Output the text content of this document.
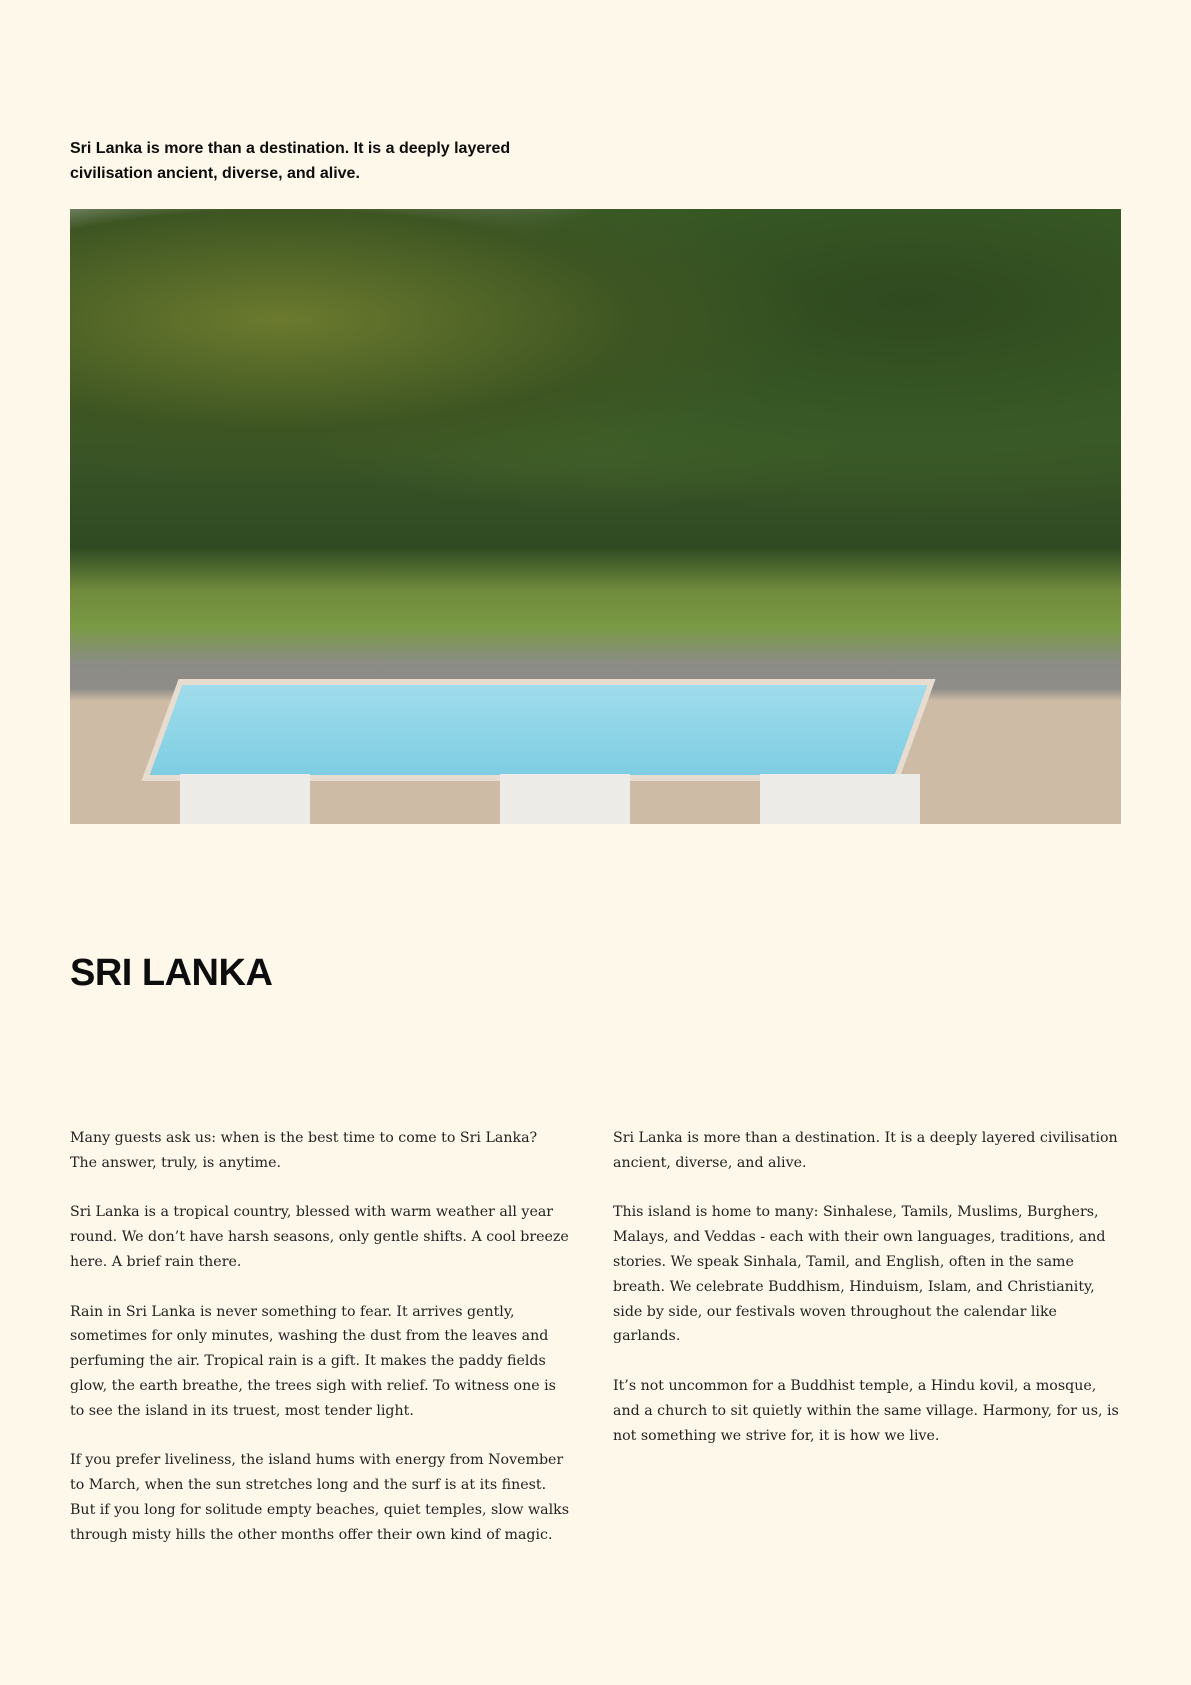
Sri Lanka is more than a destination. It is a deeply layered
civilisation ancient, diverse, and alive.
SRI LANKA

Many guests ask us: when is the best time to come to Sri Lanka?
The answer, truly, is anytime.

Sri Lanka is a tropical country, blessed with warm weather all year
round. We don’t have harsh seasons, only gentle shifts. A cool breeze
here. A brief rain there.

Rain in Sri Lanka is never something to fear. It arrives gently,
sometimes for only minutes, washing the dust from the leaves and
perfuming the air. Tropical rain is a gift. It makes the paddy fields
glow, the earth breathe, the trees sigh with relief. To witness one is
to see the island in its truest, most tender light.

If you prefer liveliness, the island hums with energy from November
to March, when the sun stretches long and the surf is at its finest.
But if you long for solitude empty beaches, quiet temples, slow walks
through misty hills the other months offer their own kind of magic.

Sri Lanka is more than a destination. It is a deeply layered civilisation
ancient, diverse, and alive.

This island is home to many: Sinhalese, Tamils, Muslims, Burghers,
Malays, and Veddas - each with their own languages, traditions, and
stories. We speak Sinhala, Tamil, and English, often in the same
breath. We celebrate Buddhism, Hinduism, Islam, and Christianity,
side by side, our festivals woven throughout the calendar like
garlands.

It’s not uncommon for a Buddhist temple, a Hindu kovil, a mosque,
and a church to sit quietly within the same village. Harmony, for us, is
not something we strive for, it is how we live.
